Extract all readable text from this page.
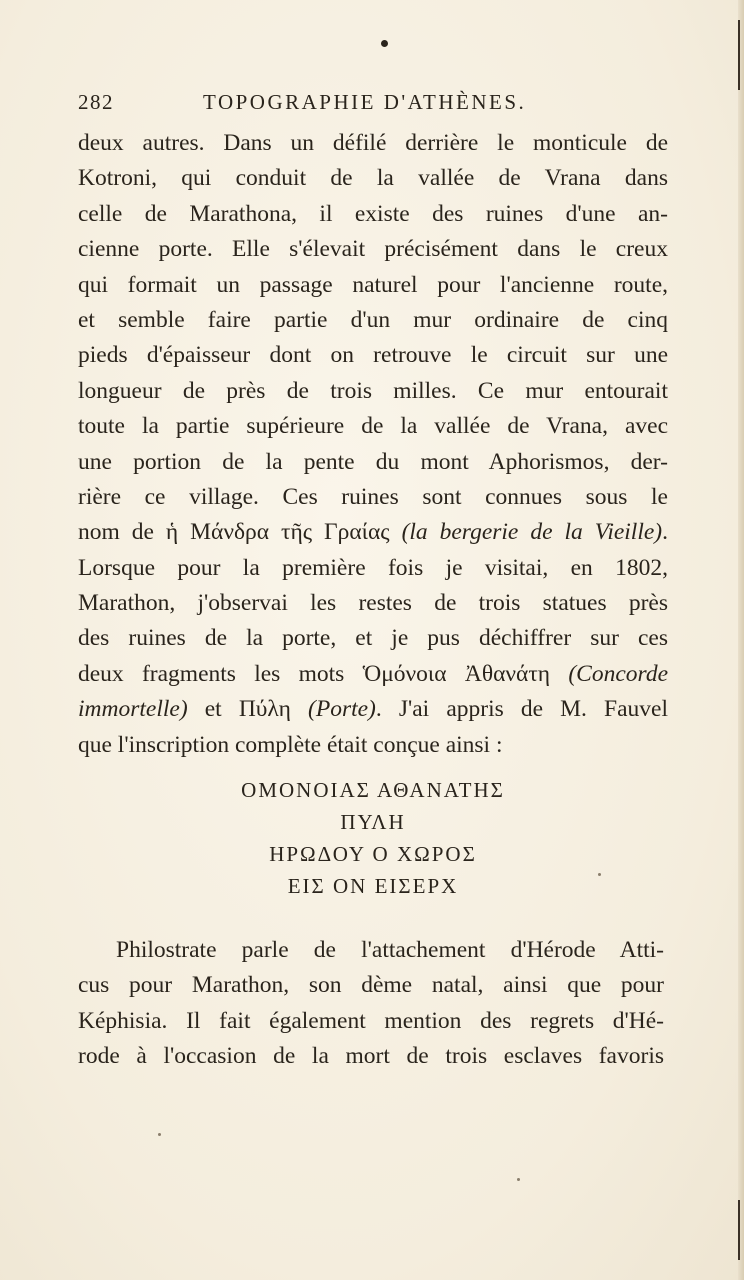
282	TOPOGRAPHIE D'ATHÈNES.
deux autres. Dans un défilé derrière le monticule de
Kotroni, qui conduit de la vallée de Vrana dans
celle de Marathona, il existe des ruines d'une an-
cienne porte. Elle s'élevait précisément dans le creux
qui formait un passage naturel pour l'ancienne route,
et semble faire partie d'un mur ordinaire de cinq
pieds d'épaisseur dont on retrouve le circuit sur une
longueur de près de trois milles. Ce mur entourait
toute la partie supérieure de la vallée de Vrana, avec
une portion de la pente du mont Aphorismos, der-
rière ce village. Ces ruines sont connues sous le
nom de ἡ Μάνδρα τῆς Γραίας (la bergerie de la Vieille).
Lorsque pour la première fois je visitai, en 1802,
Marathon, j'observai les restes de trois statues près
des ruines de la porte, et je pus déchiffrer sur ces
deux fragments les mots Ὁμόνοια Ἀθανάτη (Concorde
immortelle) et Πύλη (Porte). J'ai appris de M. Fauvel
que l'inscription complète était conçue ainsi :
ΟΜΟΝΟΙΑΣ ΑΘΑΝΑΤΗΣ
ΠΥΛΗ
ΗΡΩΔΟΥ Ο ΧΩΡΟΣ
ΕΙΣ ΟΝ ΕΙΣΕΡΧ
Philostrate parle de l'attachement d'Hérode Atti-
cus pour Marathon, son dème natal, ainsi que pour
Képhisia. Il fait également mention des regrets d'Hé-
rode à l'occasion de la mort de trois esclaves favoris
